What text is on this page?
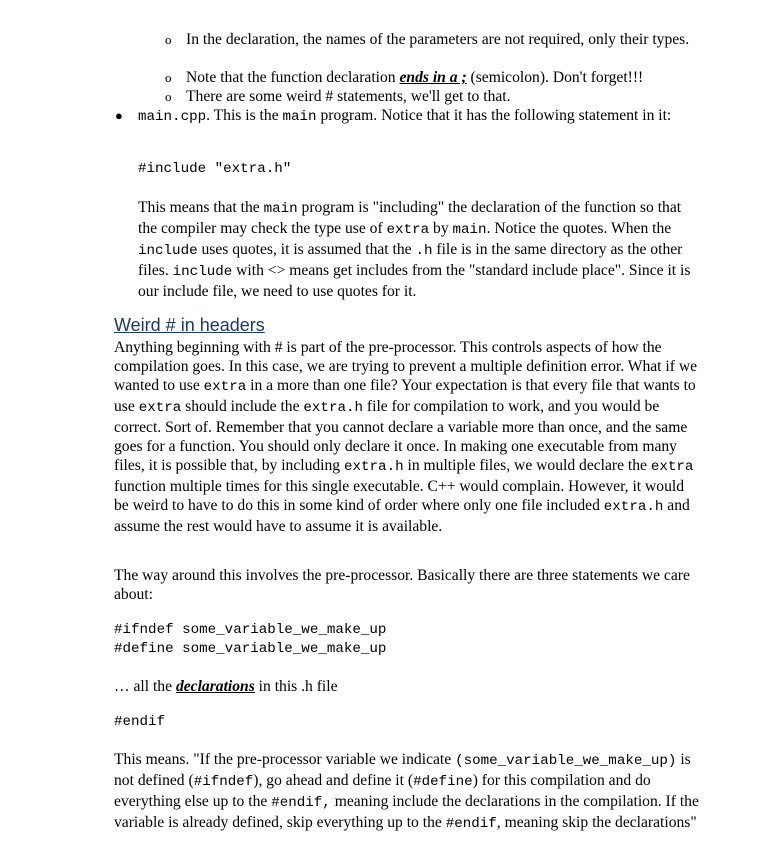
o In the declaration, the names of the parameters are not required, only their types.
o Note that the function declaration ends in a ; (semicolon). Don't forget!!!
o There are some weird # statements, we'll get to that.
● main.cpp. This is the main program. Notice that it has the following statement in it:
#include "extra.h"

This means that the main program is "including" the declaration of the function so that the compiler may check the type use of extra by main. Notice the quotes. When the include uses quotes, it is assumed that the .h file is in the same directory as the other files. include with <> means get includes from the "standard include place". Since it is our include file, we need to use quotes for it.

Weird # in headers

Anything beginning with # is part of the pre-processor. This controls aspects of how the compilation goes. In this case, we are trying to prevent a multiple definition error. What if we wanted to use extra in a more than one file? Your expectation is that every file that wants to use extra should include the extra.h file for compilation to work, and you would be correct. Sort of. Remember that you cannot declare a variable more than once, and the same goes for a function. You should only declare it once. In making one executable from many files, it is possible that, by including extra.h in multiple files, we would declare the extra function multiple times for this single executable. C++ would complain. However, it would be weird to have to do this in some kind of order where only one file included extra.h and assume the rest would have to assume it is available.

The way around this involves the pre-processor. Basically there are three statements we care about:

#ifndef some_variable_we_make_up
#define some_variable_we_make_up
… all the declarations in this .h file
#endif

This means. "If the pre-processor variable we indicate (some_variable_we_make_up) is not defined (#ifndef), go ahead and define it (#define) for this compilation and do everything else up to the #endif, meaning include the declarations in the compilation. If the variable is already defined, skip everything up to the #endif, meaning skip the declarations"
